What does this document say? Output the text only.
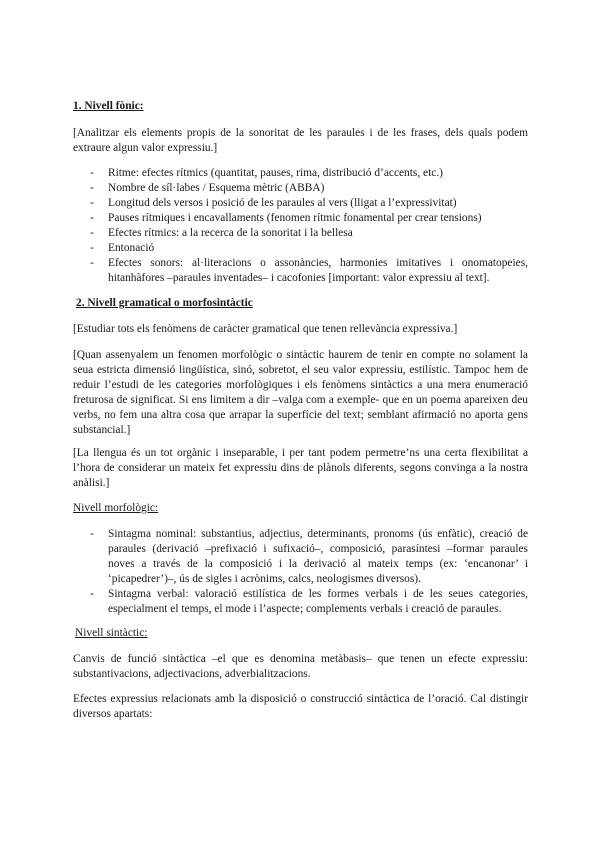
1. Nivell fònic:

[Analitzar els elements propis de la sonoritat de les paraules i de les frases, dels quals podem extraure algun valor expressiu.]

- Ritme: efectes rítmics (quantitat, pauses, rima, distribució d’accents, etc.)
- Nombre de síl·labes / Esquema mètric (ABBA)
- Longitud dels versos i posició de les paraules al vers (lligat a l’expressivitat)
- Pauses rítmiques i encavallaments (fenomen rítmic fonamental per crear tensions)
- Efectes rítmics: a la recerca de la sonoritat i la bellesa
- Entonació
- Efectes sonors: al·literacions o assonàncies, harmonies imitatives i onomatopeies, hitanhàfores –paraules inventades– i cacofonies [important: valor expressiu al text].
2. Nivell gramatical o morfosintàctic

[Estudiar tots els fenòmens de caràcter gramatical que tenen rellevància expressiva.]

[Quan assenyalem un fenomen morfològic o sintàctic haurem de tenir en compte no solament la seua estricta dimensió lingüística, sinó, sobretot, el seu valor expressiu, estilístic. Tampoc hem de reduir l’estudi de les categories morfològiques i els fenòmens sintàctics a una mera enumeració freturosa de significat. Si ens limitem a dir –valga com a exemple- que en un poema apareixen deu verbs, no fem una altra cosa que arrapar la superfície del text; semblant afirmació no aporta gens substancial.]

[La llengua és un tot orgànic i inseparable, i per tant podem permetre’ns una certa flexibilitat a l’hora de considerar un mateix fet expressiu dins de plànols diferents, segons convinga a la nostra anàlisi.]

Nivell morfològic:
- Sintagma nominal: substantius, adjectius, determinants, pronoms (ús enfàtic), creació de paraules (derivació –prefixació i sufixació–, composició, parasíntesi –formar paraules noves a través de la composició i la derivació al mateix temps (ex: ‘encanonar’ i ‘picapedrer’)–, ús de sigles i acrònims, calcs, neologismes diversos).
- Sintagma verbal: valoració estilística de les formes verbals i de les seues categories, especialment el temps, el mode i l’aspecte; complements verbals i creació de paraules.
Nivell sintàctic:

Canvis de funció sintàctica –el que es denomina metàbasis– que tenen un efecte expressiu: substantivacions, adjectivacions, adverbialitzacions.

Efectes expressius relacionats amb la disposició o construcció sintàctica de l’oració. Cal distingir diversos apartats:
